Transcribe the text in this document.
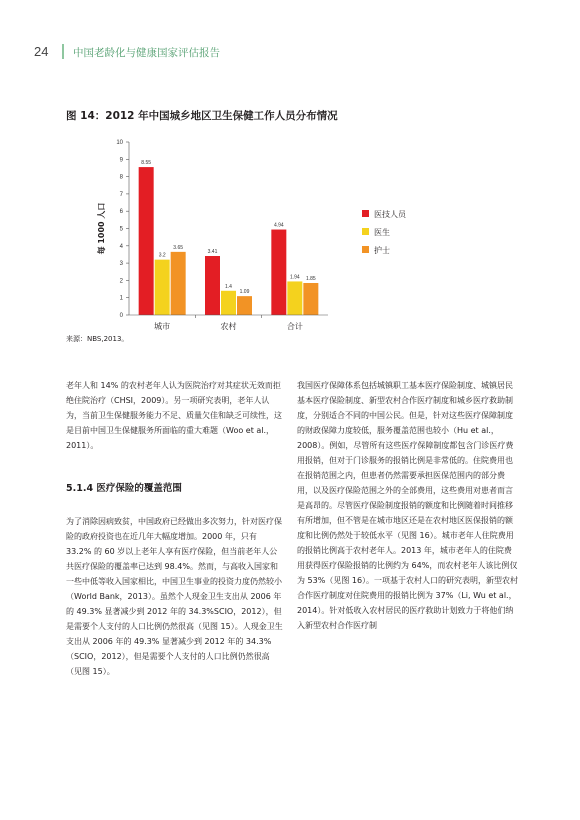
24 中国老龄化与健康国家评估报告
图 14：2012 年中国城乡地区卫生保健工作人员分布情况
0
1
2
3
4
5
6
7
8
9
10
每 1000 人口
8.55
3.2
3.65
3.41
1.4
1.09
4.94
1.94 1.85
城市	农村	合计
医技人员
医生
护士
来源：NBS,2013。

老年人和 14% 的农村老年人认为医院治疗对其症状无效而拒绝住院治疗（CHSI，2009）。另一项研究表明，老年人认为，当前卫生保健服务能力不足、质量欠佳和缺乏可续性，这是目前中国卫生保健服务所面临的重大难题（Woo et al.，2011）。

5.1.4 医疗保险的覆盖范围

为了消除因病致贫，中国政府已经做出多次努力，针对医疗保险的政府投资也在近几年大幅度增加。2000 年，只有 33.2% 的 60 岁以上老年人享有医疗保险，但当前老年人公共医疗保险的覆盖率已达到 98.4%。然而，与高收入国家和一些中低等收入国家相比，中国卫生事业的投资力度仍然较小（World Bank，2013）。虽然个人现金卫生支出从 2006 年的 49.3% 显著减少到 2012 年的 34.3%SCIO，2012），但是需要个人支付的人口比例仍然很高（见图 15）。人现金卫生支出从 2006 年的 49.3% 显著减少到 2012 年的 34.3%（SCIO，2012），但是需要个人支付的人口比例仍然很高（见图 15）。

我国医疗保障体系包括城镇职工基本医疗保险制度、城镇居民基本医疗保险制度、新型农村合作医疗制度和城乡医疗救助制度，分别适合不同的中国公民。但是，针对这些医疗保障制度的财政保障力度较低，服务覆盖范围也较小（Hu et al.，2008）。例如，尽管所有这些医疗保障制度都包含门诊医疗费用报销，但对于门诊服务的报销比例是非常低的。住院费用也在报销范围之内，但患者仍然需要承担医保范围内的部分费用，以及医疗保险范围之外的全部费用，这些费用对患者而言是高昂的。尽管医疗保险制度报销的额度和比例随着时间推移有所增加，但不管是在城市地区还是在农村地区医保报销的额度和比例仍然处于较低水平（见图 16）。城市老年人住院费用的报销比例高于农村老年人。2013 年，城市老年人的住院费用获得医疗保险报销的比例约为 64%，而农村老年人该比例仅为 53%（见图 16）。一项基于农村人口的研究表明，新型农村合作医疗制度对住院费用的报销比例为 37%（Li, Wu et al.，2014）。针对低收入农村居民的医疗救助计划致力于将他们纳入新型农村合作医疗制
